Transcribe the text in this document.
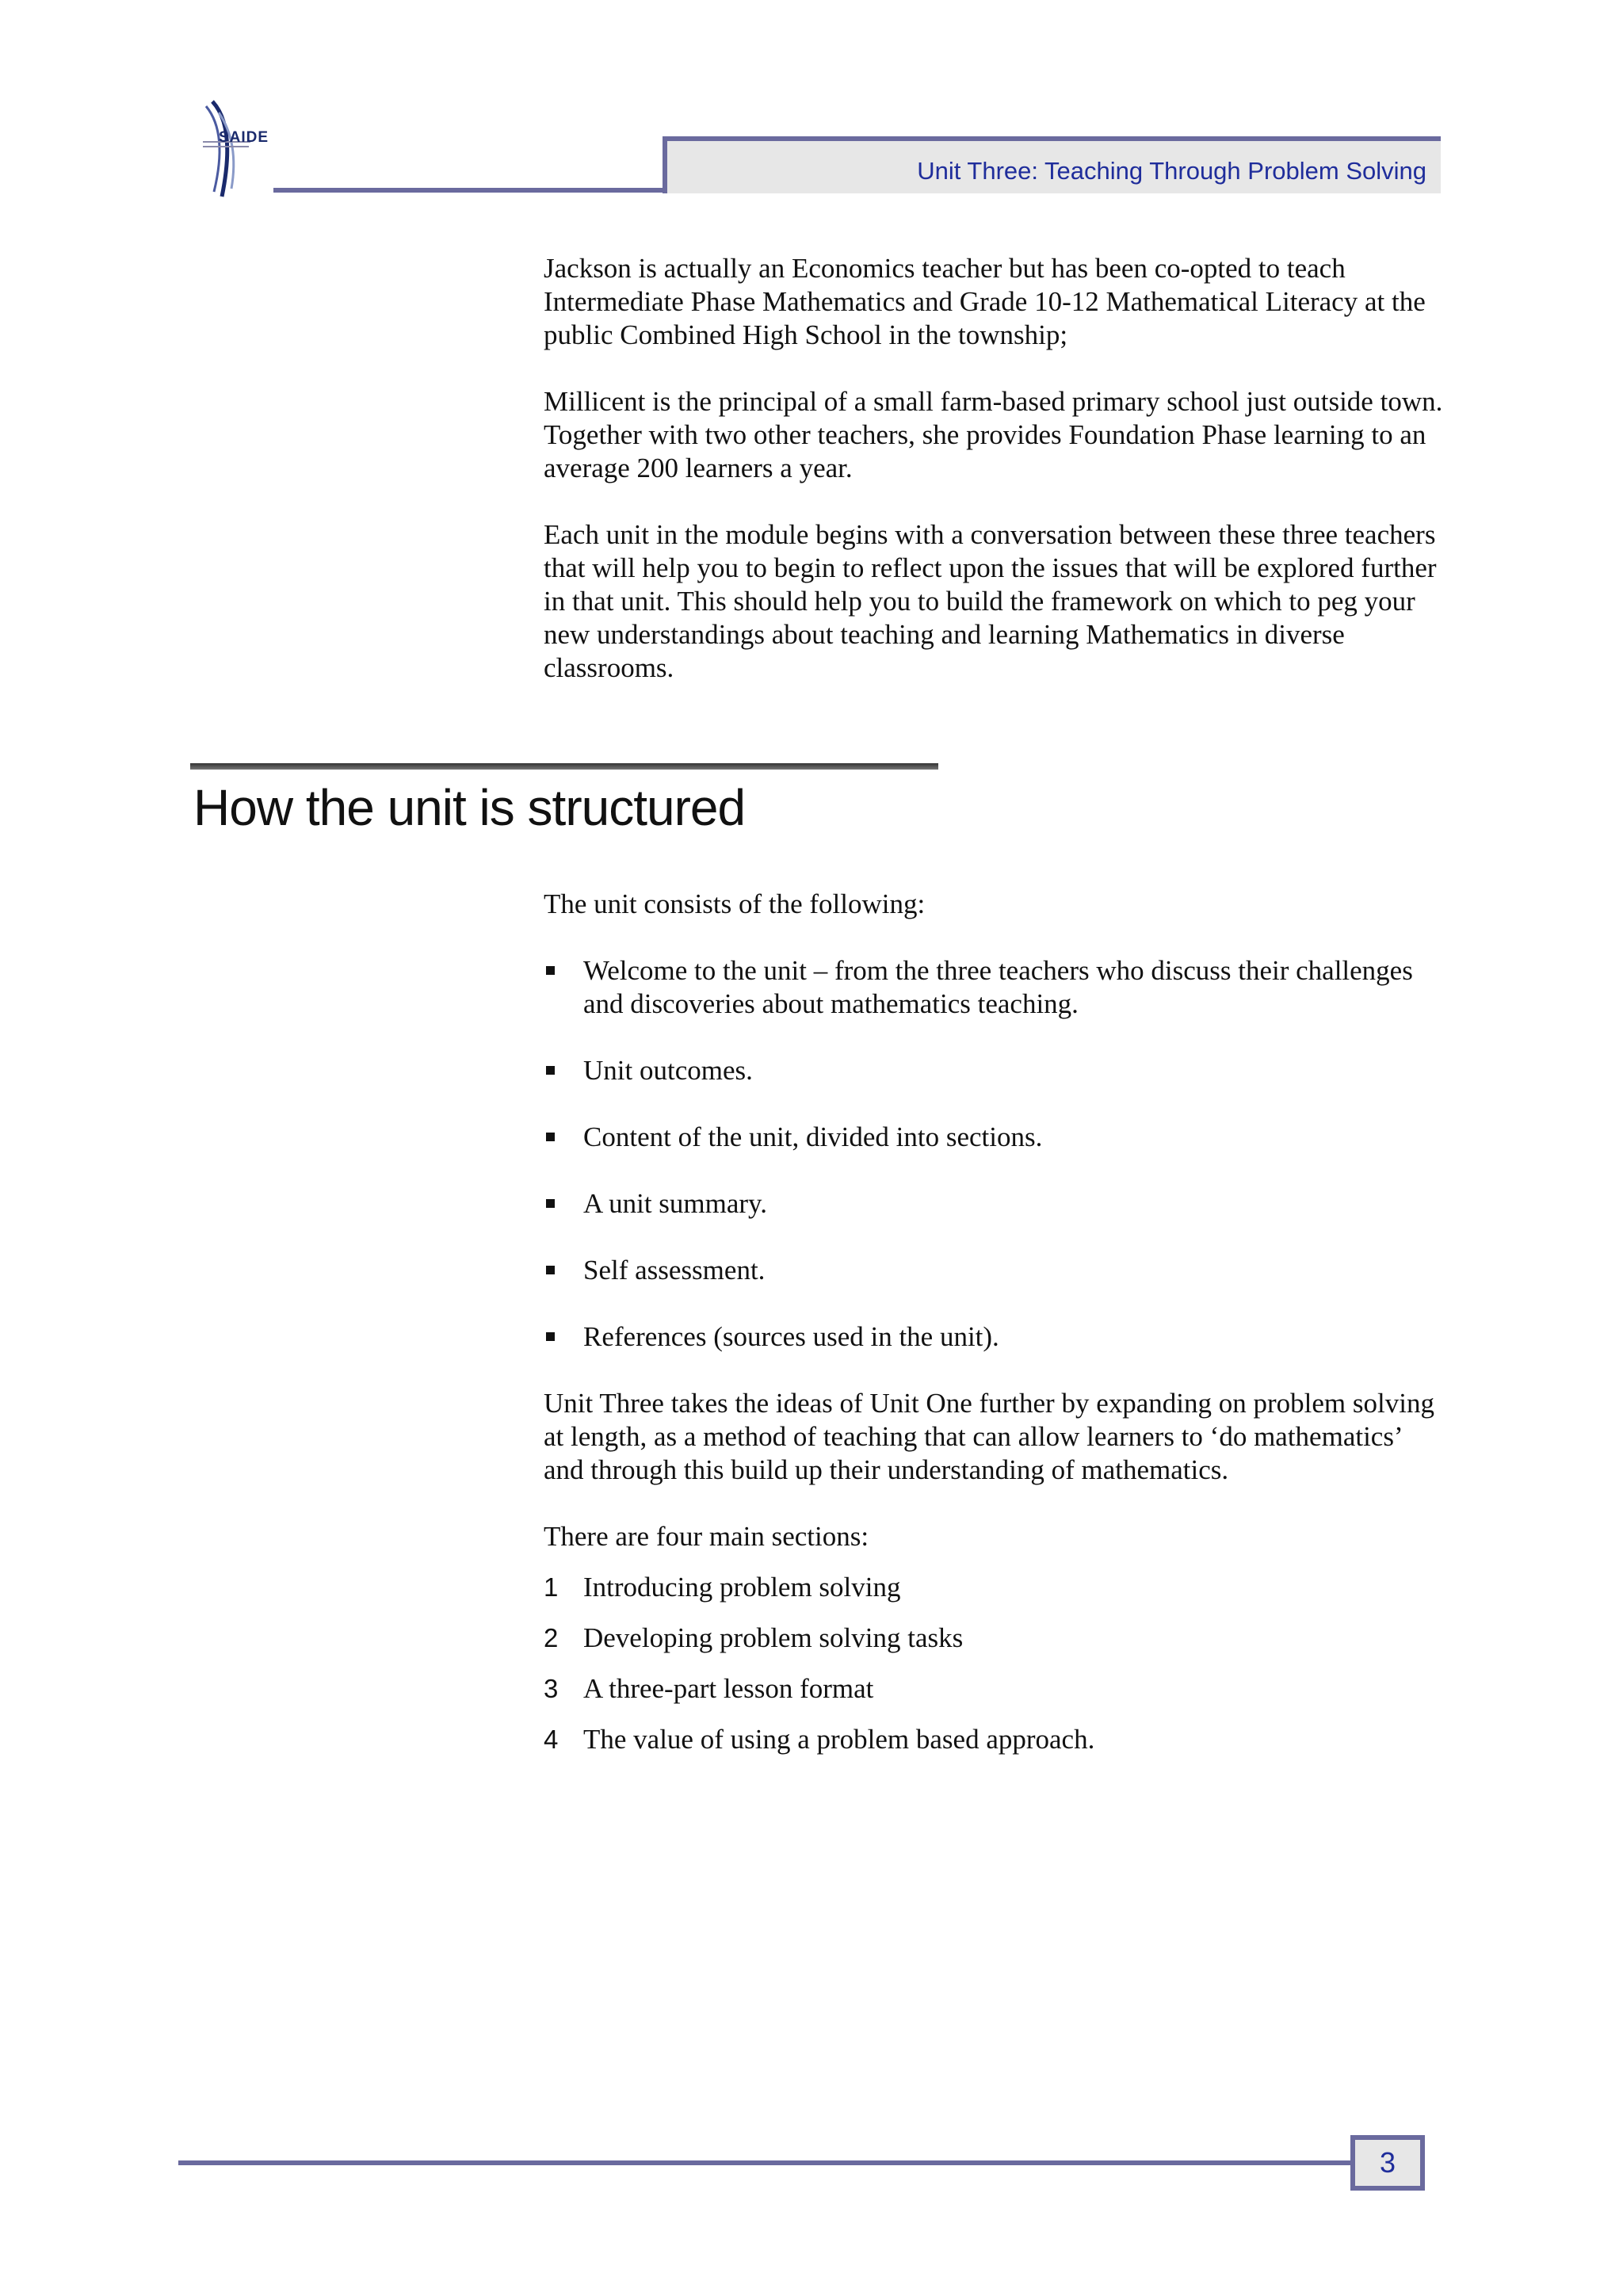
SAIDE
Unit Three: Teaching Through Problem Solving

Jackson is actually an Economics teacher but has been co-opted to teach Intermediate Phase Mathematics and Grade 10-12 Mathematical Literacy at the public Combined High School in the township;

Millicent is the principal of a small farm-based primary school just outside town. Together with two other teachers, she provides Foundation Phase learning to an average 200 learners a year.

Each unit in the module begins with a conversation between these three teachers that will help you to begin to reflect upon the issues that will be explored further in that unit. This should help you to build the framework on which to peg your new understandings about teaching and learning Mathematics in diverse classrooms.

How the unit is structured

The unit consists of the following:

Welcome to the unit – from the three teachers who discuss their challenges and discoveries about mathematics teaching.
Unit outcomes.
Content of the unit, divided into sections.
A unit summary.
Self assessment.
References (sources used in the unit).

Unit Three takes the ideas of Unit One further by expanding on problem solving at length, as a method of teaching that can allow learners to ‘do mathematics’ and through this build up their understanding of mathematics.

There are four main sections:

1 Introducing problem solving
2 Developing problem solving tasks
3 A three-part lesson format
4 The value of using a problem based approach.
3
